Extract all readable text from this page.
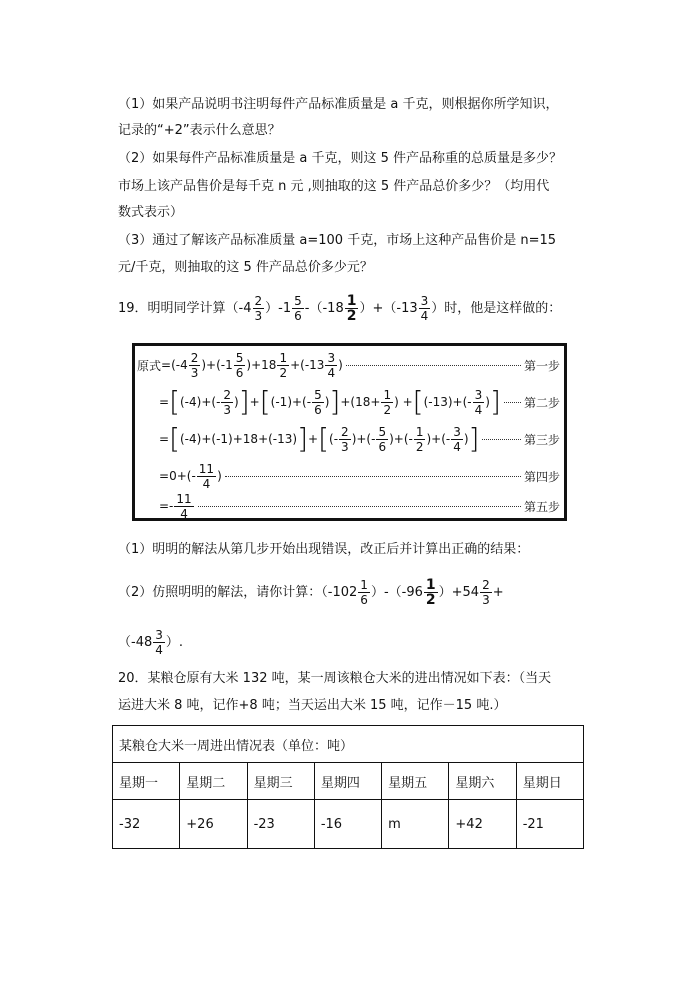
（1）如果产品说明书注明每件产品标准质量是 a 千克，则根据你所学知识，
记录的“+2”表示什么意思？
（2）如果每件产品标准质量是 a 千克，则这 5 件产品称重的总质量是多少？
市场上该产品售价是每千克 n 元 ,则抽取的这 5 件产品总价多少？（均用代
数式表示）
（3）通过了解该产品标准质量 a=100 千克，市场上这种产品售价是 n=15
元/千克，则抽取的这 5 件产品总价多少元？
19．明明同学计算$(-4 \frac{2}{3} )-1 \frac{5}{6} -(-18 \frac{1}{2} )+(-13 \frac{3}{4}$ ）时，他是这样做的：
原式 =( $-4 \frac{2}{3}$ )+( $-1 \frac{5}{6}$ )+ $18 \frac{1}{2}$ +( $-13 \frac{3}{4}$ )	第一步
= [ (-4) +(- $\frac{2}{3}$ ) ] + [ (-1) +(- $\frac{5}{6}$ ) ] +( $18 + \frac{1}{2}$ ) + [ (-13) +(- $\frac{3}{4}$ ) ] 第二步
= [ (-4) + (-1) + 18 + (-13) ] + [ (- $\frac{2}{3}$ )+(- $\frac{5}{6}$ )+(- $\frac{1}{2}$ )+(- $\frac{3}{4}$ ) ]	第三步
= 0 +(- $\frac{11}{4}$ )	第四步
=- $\frac{11}{4}$	第五步
（1）明明的解法从第几步开始出现错误，改正后并计算出正确的结果：
（2）仿照明明的解法，请你计算：$(-102 \frac{1}{6} )-(-96 \frac{1}{2} )+54 \frac{2}{3}$ +
（$-48 \frac{3}{4}$ ）.
20．某粮仓原有大米 132 吨，某一周该粮仓大米的进出情况如下表：（当天
运进大米 8 吨，记作+8 吨；当天运出大米 15 吨，记作－15 吨.）
某粮仓大米一周进出情况表（单位：吨）						
星期一	星期二	星期三	星期四	星期五	星期六	星期日
-32	+26	-23	-16	m	+42	-21
